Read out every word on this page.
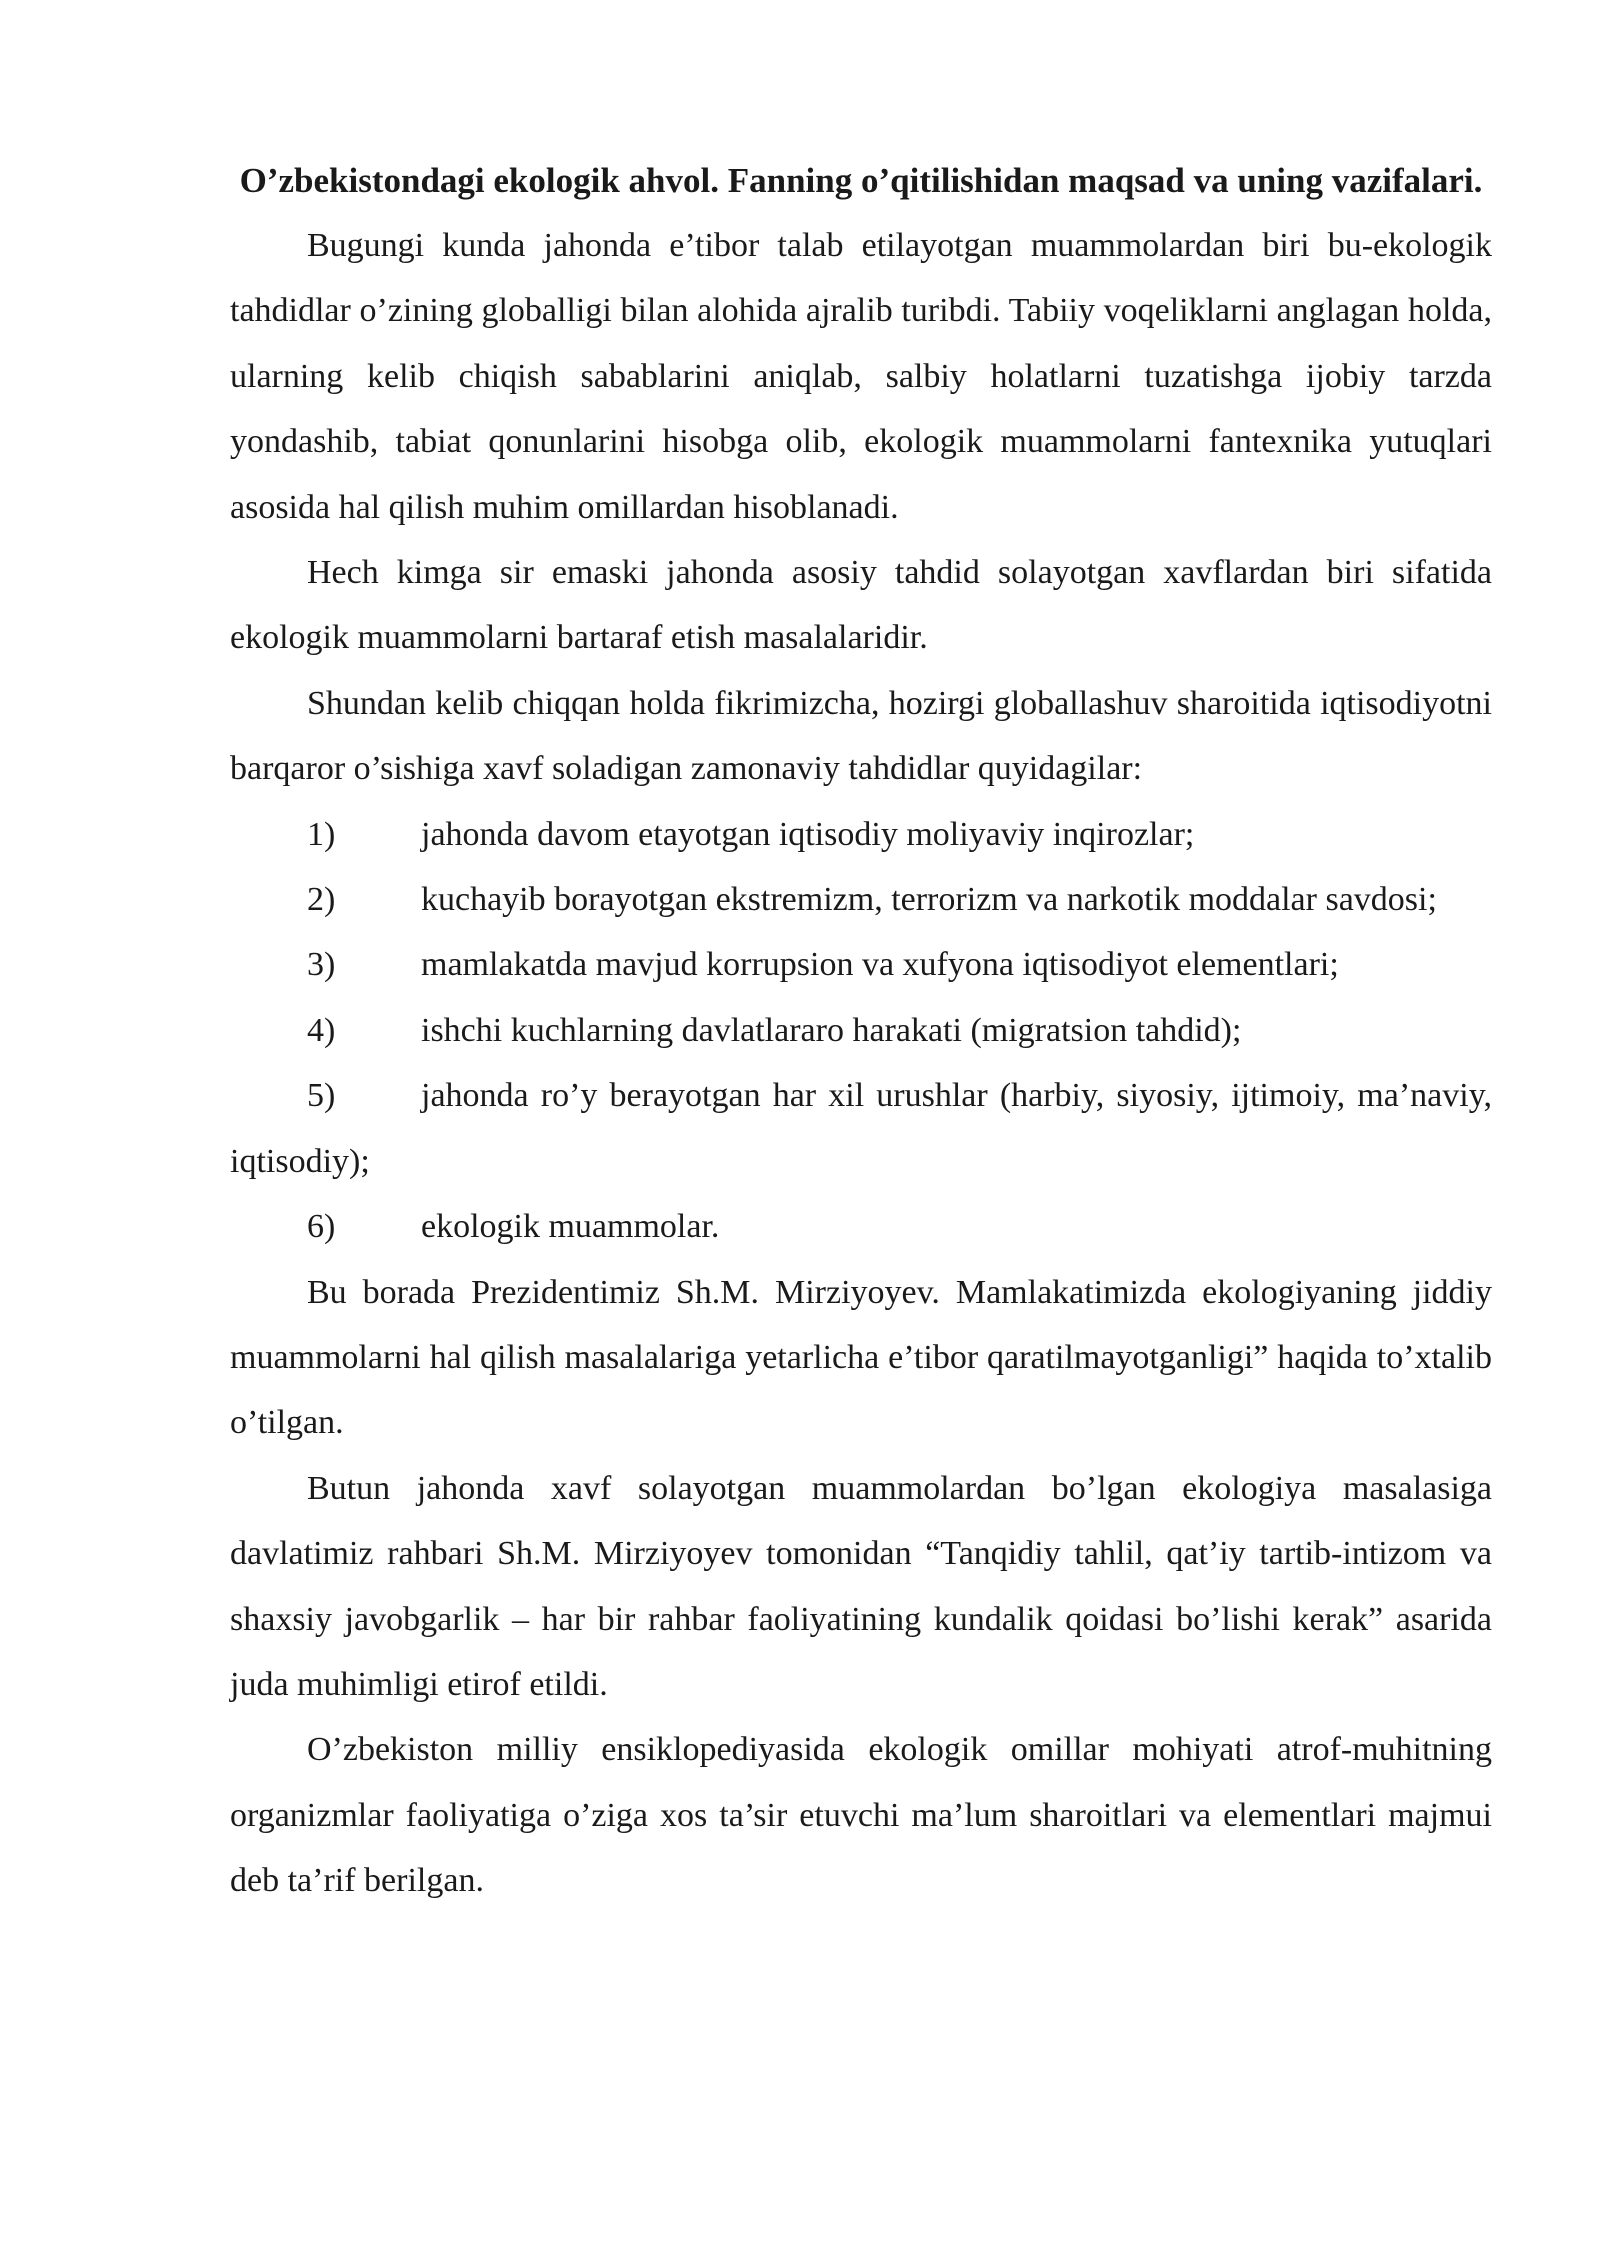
O’zbekistondagi ekologik ahvol. Fanning o’qitilishidan maqsad va uning vazifalari.

Bugungi kunda jahonda e’tibor talab etilayotgan muammolardan biri bu-ekologik tahdidlar o’zining globalligi bilan alohida ajralib turibdi. Tabiiy voqeliklarni anglagan holda, ularning kelib chiqish sabablarini aniqlab, salbiy holatlarni tuzatishga ijobiy tarzda yondashib, tabiat qonunlarini hisobga olib, ekologik muammolarni fantexnika yutuqlari asosida hal qilish muhim omillardan hisoblanadi.

Hech kimga sir emaski jahonda asosiy tahdid solayotgan xavflardan biri sifatida ekologik muammolarni bartaraf etish masalalaridir.

Shundan kelib chiqqan holda fikrimizcha, hozirgi globallashuv sharoitida iqtisodiyotni barqaror o’sishiga xavf soladigan zamonaviy tahdidlar quyidagilar:

1)	jahonda davom etayotgan iqtisodiy moliyaviy inqirozlar;

2)	kuchayib borayotgan ekstremizm, terrorizm va narkotik moddalar savdosi;

3)	mamlakatda mavjud korrupsion va xufyona iqtisodiyot elementlari;

4)	ishchi kuchlarning davlatlararo harakati (migratsion tahdid);

5)	jahonda ro’y berayotgan har xil urushlar (harbiy, siyosiy, ijtimoiy, ma’naviy, iqtisodiy);

6)	ekologik muammolar.

Bu borada Prezidentimiz Sh.M. Mirziyoyev. Mamlakatimizda ekologiyaning jiddiy muammolarni hal qilish masalalariga yetarlicha e’tibor qaratilmayotganligi” haqida to’xtalib o’tilgan.

Butun jahonda xavf solayotgan muammolardan bo’lgan ekologiya masalasiga davlatimiz rahbari Sh.M. Mirziyoyev tomonidan “Tanqidiy tahlil, qat’iy tartib-intizom va shaxsiy javobgarlik – har bir rahbar faoliyatining kundalik qoidasi bo’lishi kerak” asarida juda muhimligi etirof etildi.

O’zbekiston milliy ensiklopediyasida ekologik omillar mohiyati atrof-muhitning organizmlar faoliyatiga o’ziga xos ta’sir etuvchi ma’lum sharoitlari va elementlari majmui deb ta’rif berilgan.
